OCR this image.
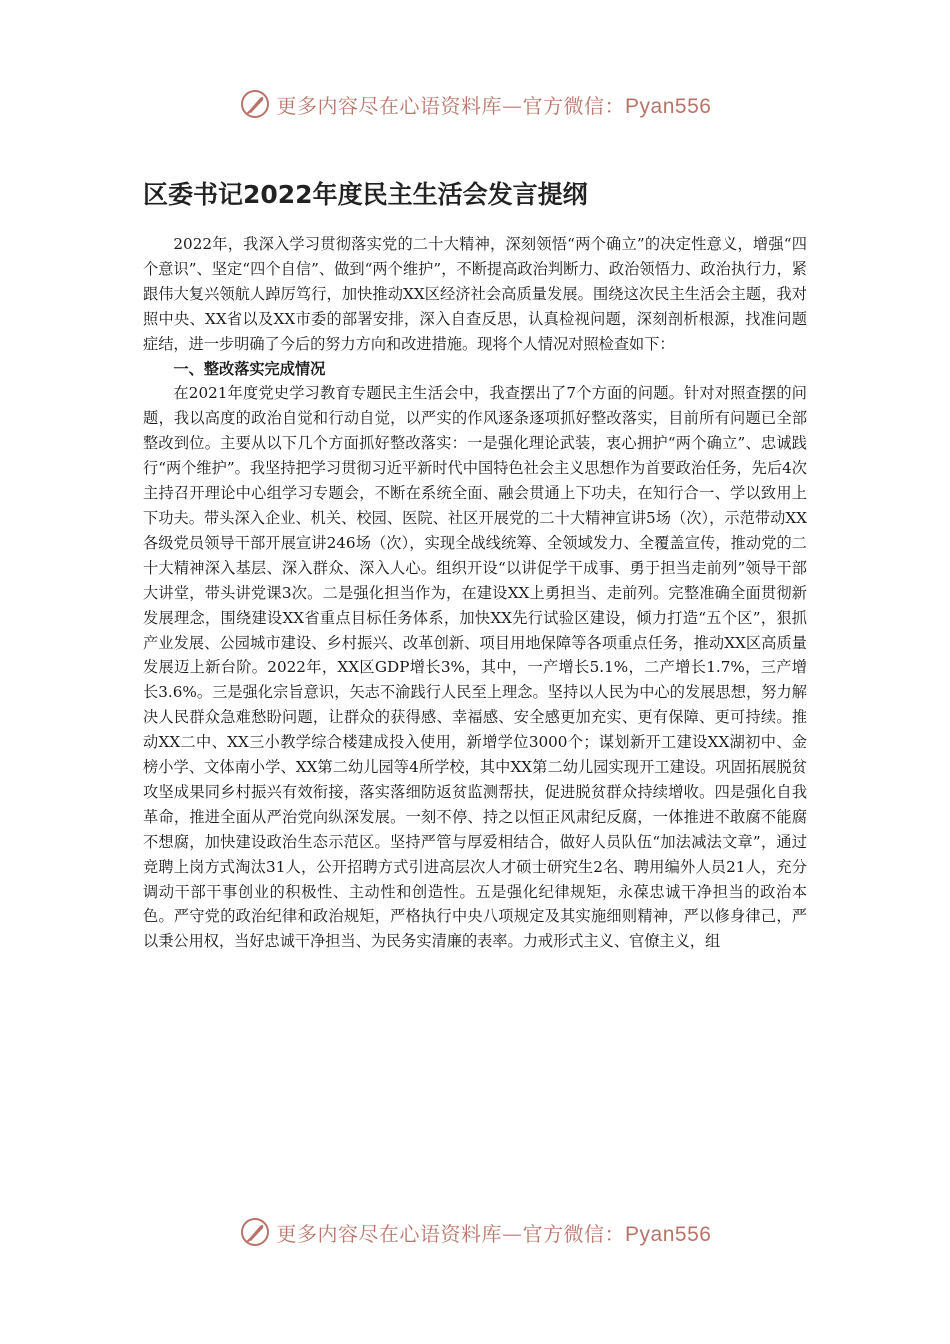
更多内容尽在心语资料库—官方微信：Pyan556
区委书记2022年度民主生活会发言提纲

2022年，我深入学习贯彻落实党的二十大精神，深刻领悟“两个确立”的决定性意义，增强“四个意识”、坚定“四个自信”、做到“两个维护”，不断提高政治判断力、政治领悟力、政治执行力，紧跟伟大复兴领航人踔厉笃行，加快推动XX区经济社会高质量发展。围绕这次民主生活会主题，我对照中央、XX省以及XX市委的部署安排，深入自查反思，认真检视问题，深刻剖析根源，找准问题症结，进一步明确了今后的努力方向和改进措施。现将个人情况对照检查如下：

一、整改落实完成情况

在2021年度党史学习教育专题民主生活会中，我查摆出了7个方面的问题。针对对照查摆的问题，我以高度的政治自觉和行动自觉，以严实的作风逐条逐项抓好整改落实，目前所有问题已全部整改到位。主要从以下几个方面抓好整改落实：一是强化理论武装，衷心拥护“两个确立”、忠诚践行“两个维护”。我坚持把学习贯彻习近平新时代中国特色社会主义思想作为首要政治任务，先后4次主持召开理论中心组学习专题会，不断在系统全面、融会贯通上下功夫，在知行合一、学以致用上下功夫。带头深入企业、机关、校园、医院、社区开展党的二十大精神宣讲5场（次），示范带动XX各级党员领导干部开展宣讲246场（次），实现全战线统筹、全领域发力、全覆盖宣传，推动党的二十大精神深入基层、深入群众、深入人心。组织开设“以讲促学干成事、勇于担当走前列”领导干部大讲堂，带头讲党课3次。二是强化担当作为，在建设XX上勇担当、走前列。完整准确全面贯彻新发展理念，围绕建设XX省重点目标任务体系，加快XX先行试验区建设，倾力打造“五个区”，狠抓产业发展、公园城市建设、乡村振兴、改革创新、项目用地保障等各项重点任务，推动XX区高质量发展迈上新台阶。2022年，XX区GDP增长3%，其中，一产增长5.1%，二产增长1.7%，三产增长3.6%。三是强化宗旨意识，矢志不渝践行人民至上理念。坚持以人民为中心的发展思想，努力解决人民群众急难愁盼问题，让群众的获得感、幸福感、安全感更加充实、更有保障、更可持续。推动XX二中、XX三小教学综合楼建成投入使用，新增学位3000个；谋划新开工建设XX湖初中、金榜小学、文体南小学、XX第二幼儿园等4所学校，其中XX第二幼儿园实现开工建设。巩固拓展脱贫攻坚成果同乡村振兴有效衔接，落实落细防返贫监测帮扶，促进脱贫群众持续增收。四是强化自我革命，推进全面从严治党向纵深发展。一刻不停、持之以恒正风肃纪反腐，一体推进不敢腐不能腐不想腐，加快建设政治生态示范区。坚持严管与厚爱相结合，做好人员队伍“加法减法文章”，通过竞聘上岗方式淘汰31人，公开招聘方式引进高层次人才硕士研究生2名、聘用编外人员21人，充分调动干部干事创业的积极性、主动性和创造性。五是强化纪律规矩，永葆忠诚干净担当的政治本色。严守党的政治纪律和政治规矩，严格执行中央八项规定及其实施细则精神，严以修身律己，严以秉公用权，当好忠诚干净担当、为民务实清廉的表率。力戒形式主义、官僚主义，组

更多内容尽在心语资料库—官方微信：Pyan556
